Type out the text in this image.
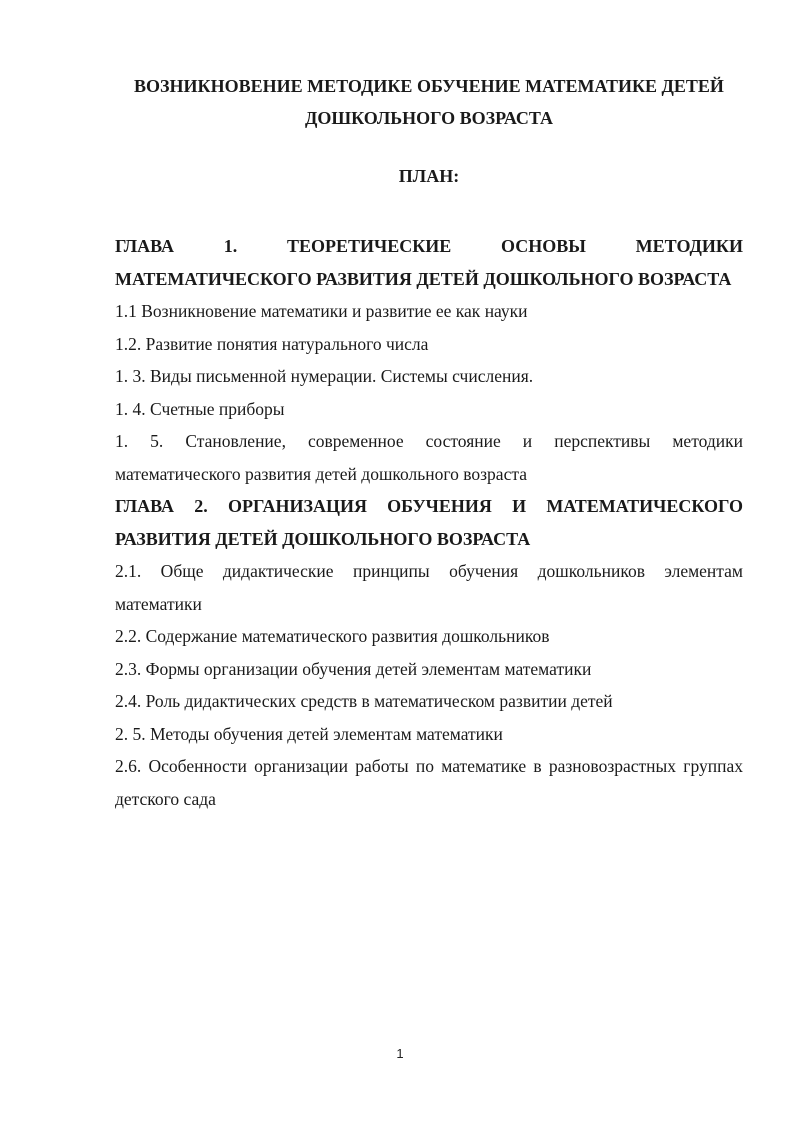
ВОЗНИКНОВЕНИЕ МЕТОДИКЕ ОБУЧЕНИЕ МАТЕМАТИКЕ ДЕТЕЙ ДОШКОЛЬНОГО ВОЗРАСТА
ПЛАН:

ГЛАВА 1. ТЕОРЕТИЧЕСКИЕ ОСНОВЫ МЕТОДИКИ МАТЕМАТИЧЕСКОГО РАЗВИТИЯ ДЕТЕЙ ДОШКОЛЬНОГО ВОЗРАСТА

1.1 Возникновение математики и развитие ее как науки

1.2. Развитие понятия натурального числа

1. 3. Виды письменной нумерации. Системы счисления.

1. 4. Счетные приборы

1. 5. Становление, современное состояние и перспективы методики математического развития детей дошкольного возраста

ГЛАВА 2. ОРГАНИЗАЦИЯ ОБУЧЕНИЯ И МАТЕМАТИЧЕСКОГО РАЗВИТИЯ ДЕТЕЙ ДОШКОЛЬНОГО ВОЗРАСТА

2.1. Обще дидактические принципы обучения дошкольников элементам математики

2.2. Содержание математического развития дошкольников

2.3. Формы организации обучения детей элементам математики

2.4. Роль дидактических средств в математическом развитии детей

2. 5. Методы обучения детей элементам математики

2.6. Особенности организации работы по математике в разновозрастных группах детского сада

1
